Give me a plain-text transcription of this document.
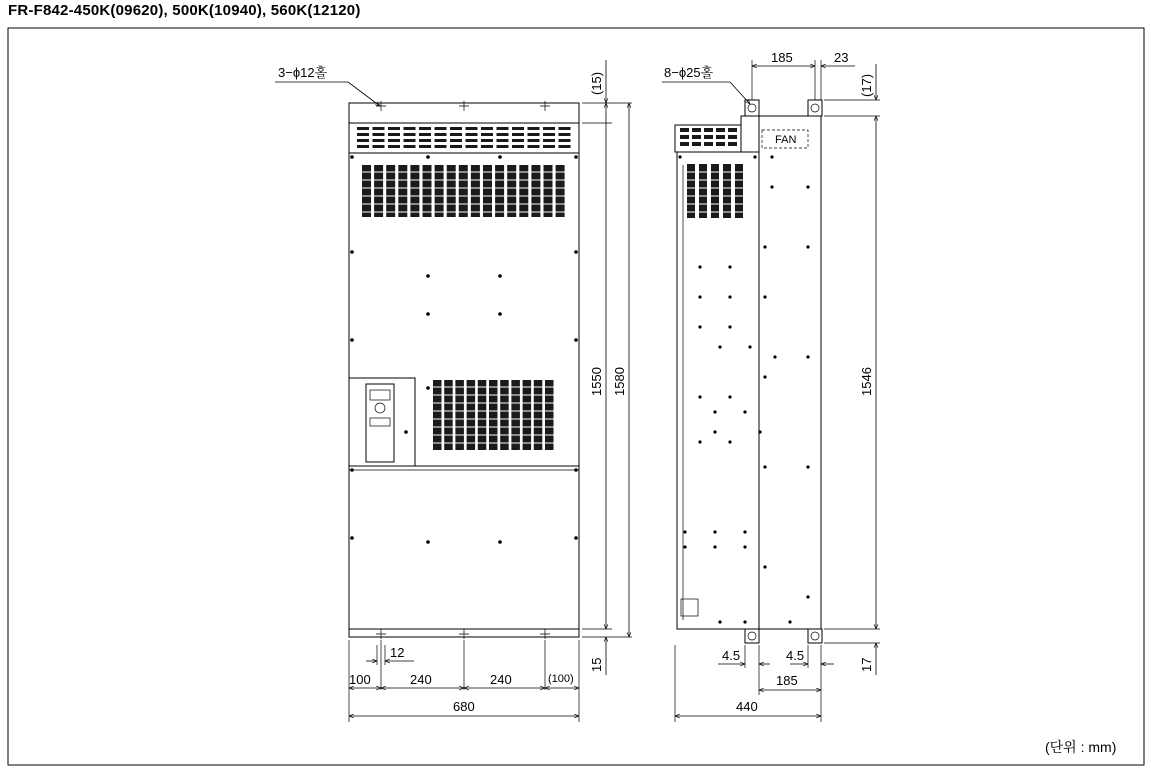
FR-F842-450K(09620), 500K(10940), 560K(12120)
3−ϕ12홀	(15)
1550 1580
15
12
100	240	240	(100)
680
FAN
8−ϕ25홀
185	23
(17)
1546
17
4.5	4.5
185
440
(단위 : mm)
